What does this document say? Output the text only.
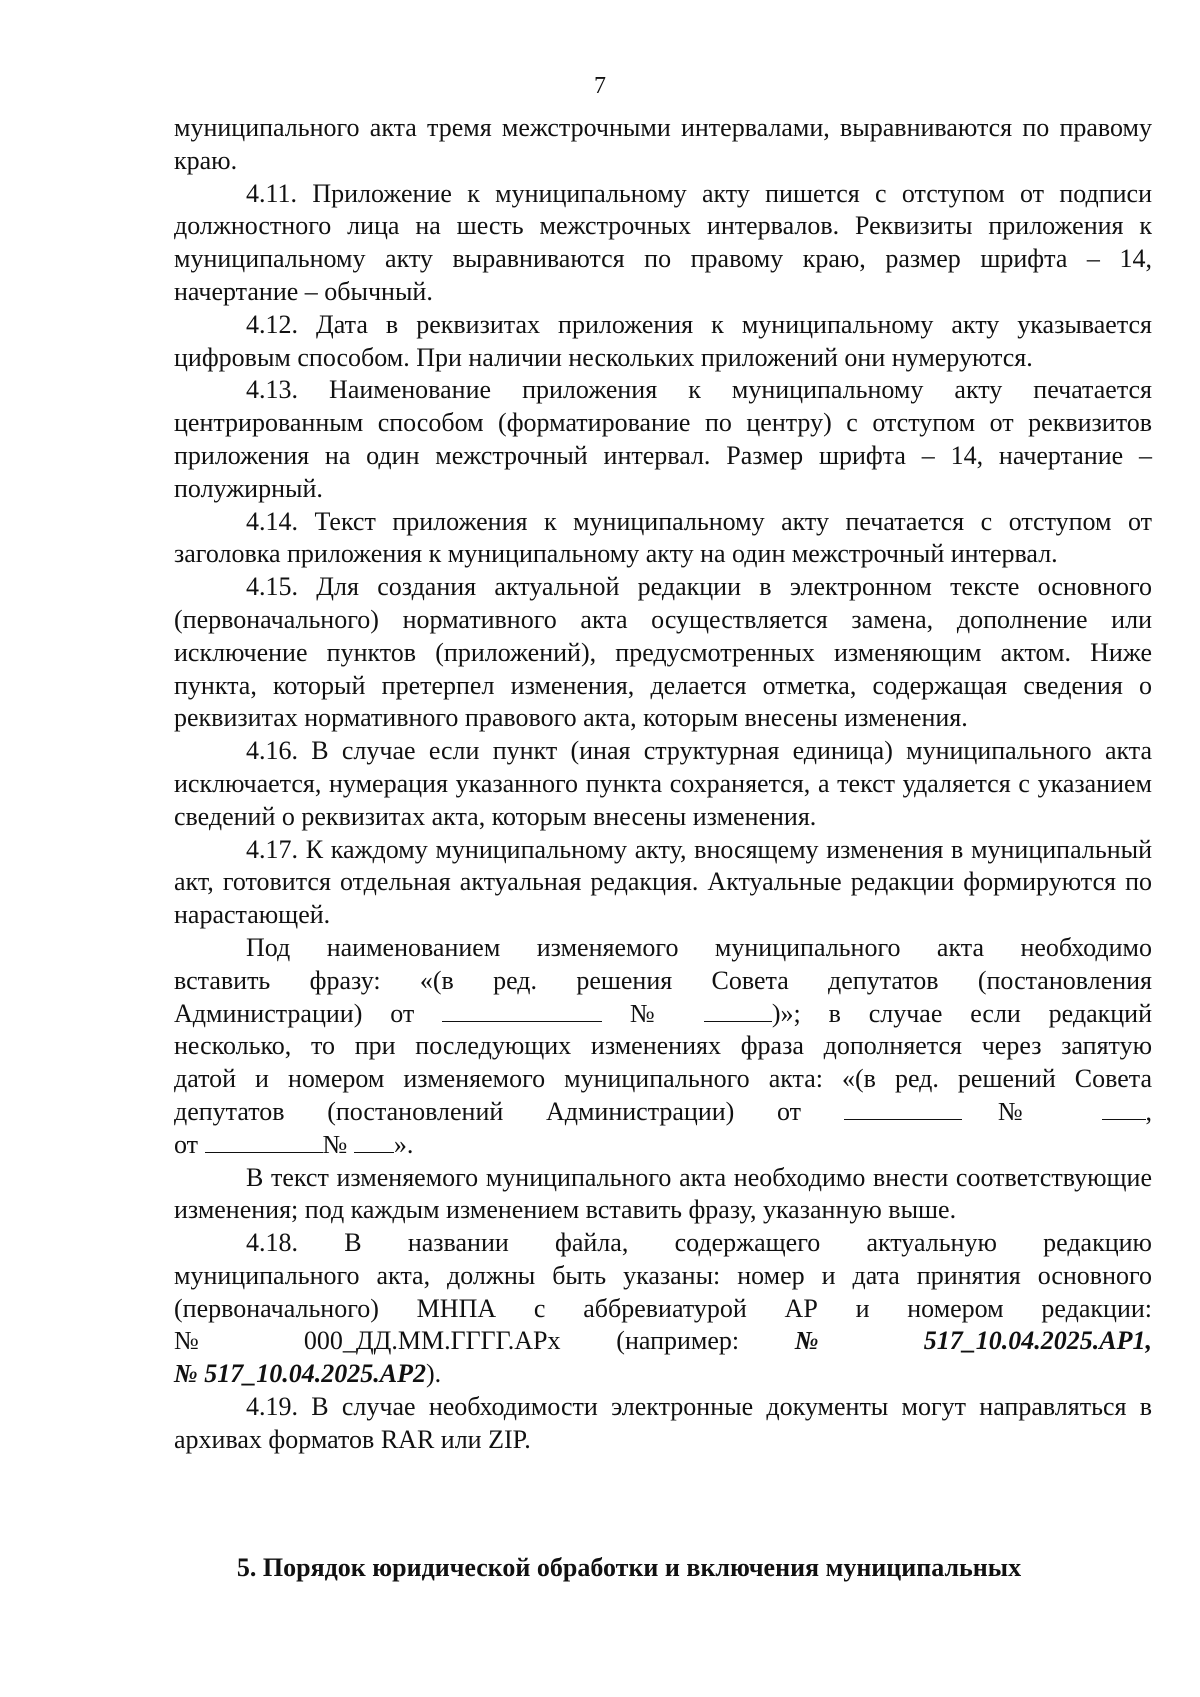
7

муниципального акта тремя межстрочными интервалами, выравниваются по правому краю.

4.11. Приложение к муниципальному акту пишется с отступом от подписи должностного лица на шесть межстрочных интервалов. Реквизиты приложения к муниципальному акту выравниваются по правому краю, размер шрифта – 14, начертание – обычный.

4.12. Дата в реквизитах приложения к муниципальному акту указывается цифровым способом. При наличии нескольких приложений они нумеруются.

4.13. Наименование приложения к муниципальному акту печатается центрированным способом (форматирование по центру) с отступом от реквизитов приложения на один межстрочный интервал. Размер шрифта – 14, начертание – полужирный.

4.14. Текст приложения к муниципальному акту печатается с отступом от заголовка приложения к муниципальному акту на один межстрочный интервал.

4.15. Для создания актуальной редакции в электронном тексте основного (первоначального) нормативного акта осуществляется замена, дополнение или исключение пунктов (приложений), предусмотренных изменяющим актом. Ниже пункта, который претерпел изменения, делается отметка, содержащая сведения о реквизитах нормативного правового акта, которым внесены изменения.

4.16. В случае если пункт (иная структурная единица) муниципального акта исключается, нумерация указанного пункта сохраняется, а текст удаляется с указанием сведений о реквизитах акта, которым внесены изменения.

4.17. К каждому муниципальному акту, вносящему изменения в муниципальный акт, готовится отдельная актуальная редакция. Актуальные редакции формируются по нарастающей.

Под наименованием изменяемого муниципального акта необходимо
вставить фразу: «(в ред. решения Совета депутатов (постановления
Администрации) от	№	)»; в случае если редакций
несколько, то при последующих изменениях фраза дополняется через запятую
датой и номером изменяемого муниципального акта: «(в ред. решений Совета
депутатов (постановлений Администрации) от	№	,
от	№ ».

В текст изменяемого муниципального акта необходимо внести соответствующие изменения; под каждым изменением вставить фразу, указанную выше.

4.18. В названии файла, содержащего актуальную редакцию
муниципального акта, должны быть указаны: номер и дата принятия основного
(первоначального) МНПА с аббревиатурой АР и номером редакции:
№ 000_ДД.ММ.ГГГГ.АРх (например: № 517_10.04.2025.АР1,
№ 517_10.04.2025.АР2).

4.19. В случае необходимости электронные документы могут направляться в архивах форматов RAR или ZIP.

5. Порядок юридической обработки и включения муниципальных
